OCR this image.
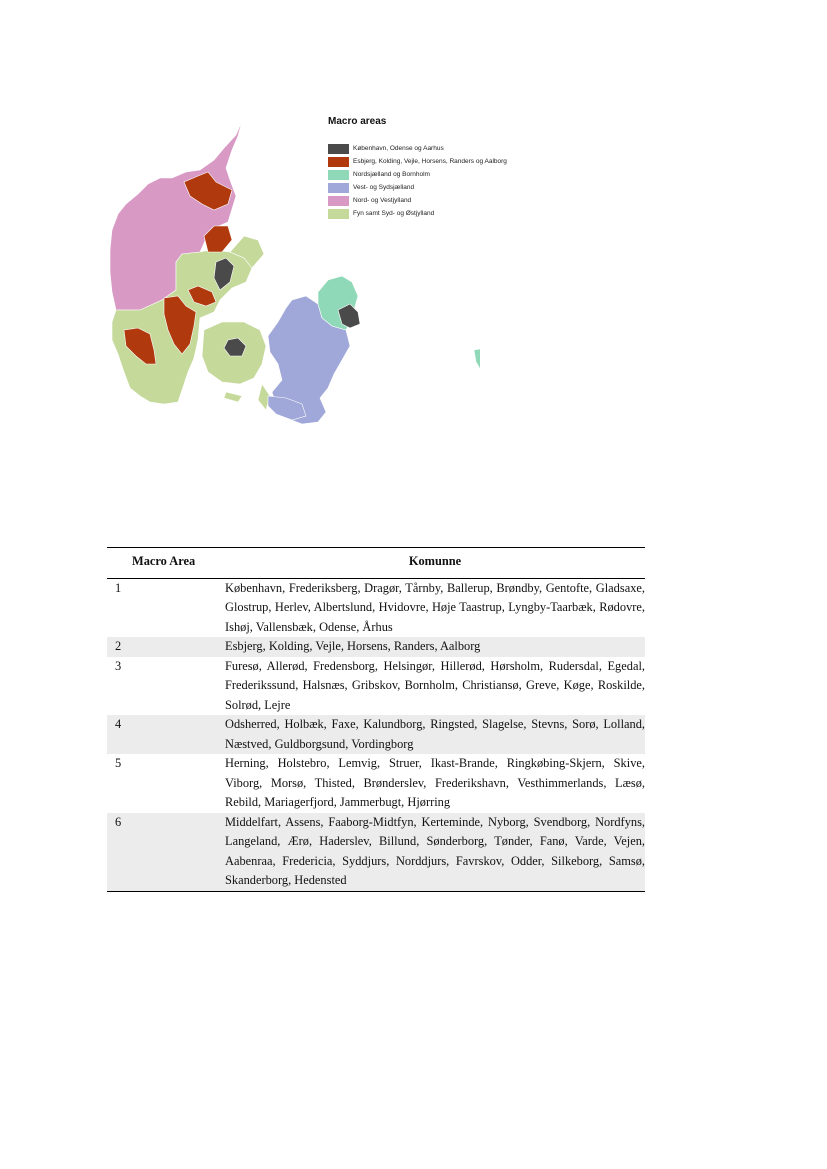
Macro areas
København, Odense og Aarhus
Esbjerg, Kolding, Vejle, Horsens, Randers og Aalborg
Nordsjælland og Bornholm
Vest- og Sydsjælland
Nord- og Vestjylland
Fyn samt Syd- og Østjylland
Macro Area	Komunne
1	København, Frederiksberg, Dragør, Tårnby, Ballerup, Brøndby, Gentofte, Gladsaxe, Glostrup, Herlev, Albertslund, Hvidovre, Høje Taastrup, Lyngby-Taarbæk, Rødovre, Ishøj, Vallensbæk, Odense, Århus
2	Esbjerg, Kolding, Vejle, Horsens, Randers, Aalborg
3	Furesø, Allerød, Fredensborg, Helsingør, Hillerød, Hørsholm, Rudersdal, Egedal, Frederikssund, Halsnæs, Gribskov, Bornholm, Christiansø, Greve, Køge, Roskilde, Solrød, Lejre
4	Odsherred, Holbæk, Faxe, Kalundborg, Ringsted, Slagelse, Stevns, Sorø, Lolland, Næstved, Guldborgsund, Vordingborg
5	Herning, Holstebro, Lemvig, Struer, Ikast-Brande, Ringkøbing-Skjern, Skive, Viborg, Morsø, Thisted, Brønderslev, Frederikshavn, Vesthimmerlands, Læsø, Rebild, Mariagerfjord, Jammerbugt, Hjørring
6	Middelfart, Assens, Faaborg-Midtfyn, Kerteminde, Nyborg, Svendborg, Nordfyns, Langeland, Ærø, Haderslev, Billund, Sønderborg, Tønder, Fanø, Varde, Vejen, Aabenraa, Fredericia, Syddjurs, Norddjurs, Favrskov, Odder, Silkeborg, Samsø, Skanderborg, Hedensted
